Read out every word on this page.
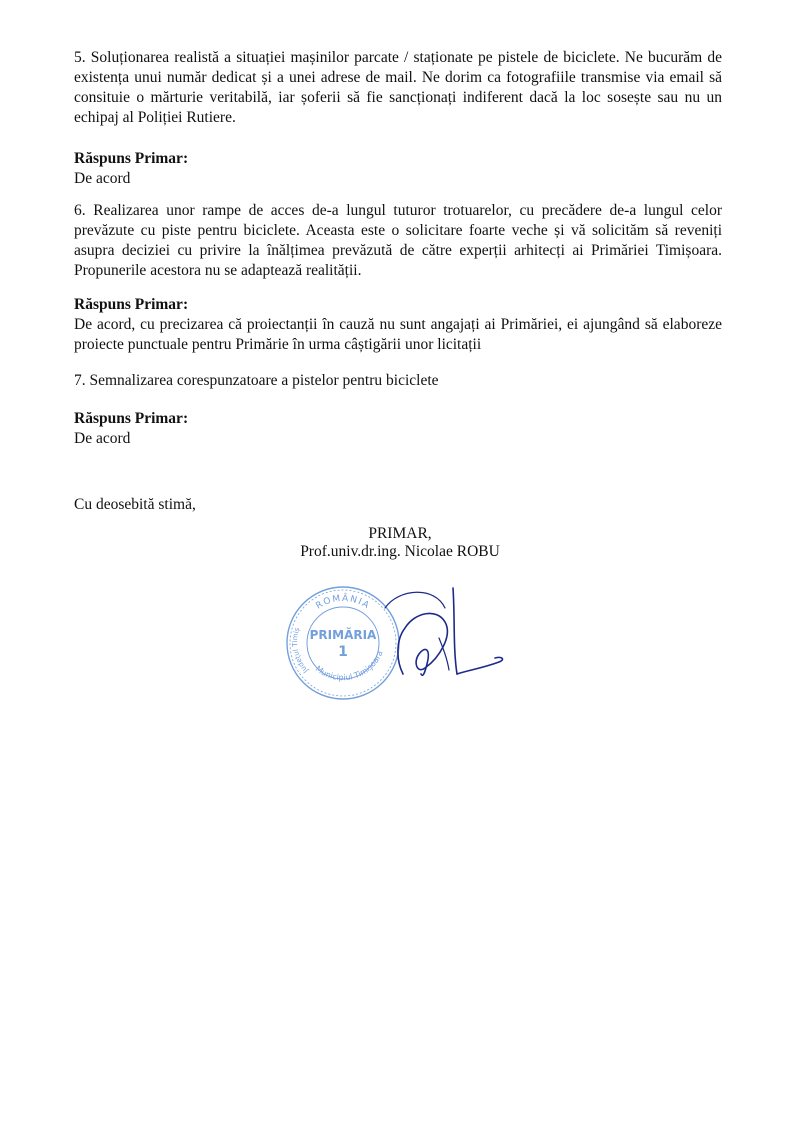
5. Soluționarea realistă a situației mașinilor parcate / staționate pe pistele de biciclete. Ne bucurăm de existența unui număr dedicat și a unei adrese de mail. Ne dorim ca fotografiile transmise via email să consituie o mărturie veritabilă, iar șoferii să fie sancționați indiferent dacă la loc sosește sau nu un echipaj al Poliției Rutiere.

Răspuns Primar:
De acord

6. Realizarea unor rampe de acces de-a lungul tuturor trotuarelor, cu precădere de-a lungul celor prevăzute cu piste pentru biciclete. Aceasta este o solicitare foarte veche și vă solicităm să reveniți asupra deciziei cu privire la înălțimea prevăzută de către experții arhitecți ai Primăriei Timișoara. Propunerile acestora nu se adaptează realității.

Răspuns Primar:
De acord, cu precizarea că proiectanții în cauză nu sunt angajați ai Primăriei, ei ajungând să elaboreze proiecte punctuale pentru Primărie în urma câștigării unor licitații

7. Semnalizarea corespunzatoare a pistelor pentru biciclete

Răspuns Primar:
De acord

Cu deosebită stimă,

PRIMAR,

Prof.univ.dr.ing. Nicolae ROBU

ROMÂNIA
Municipiul Timișoara
Județul Timiș PRIMĂRIA
1
